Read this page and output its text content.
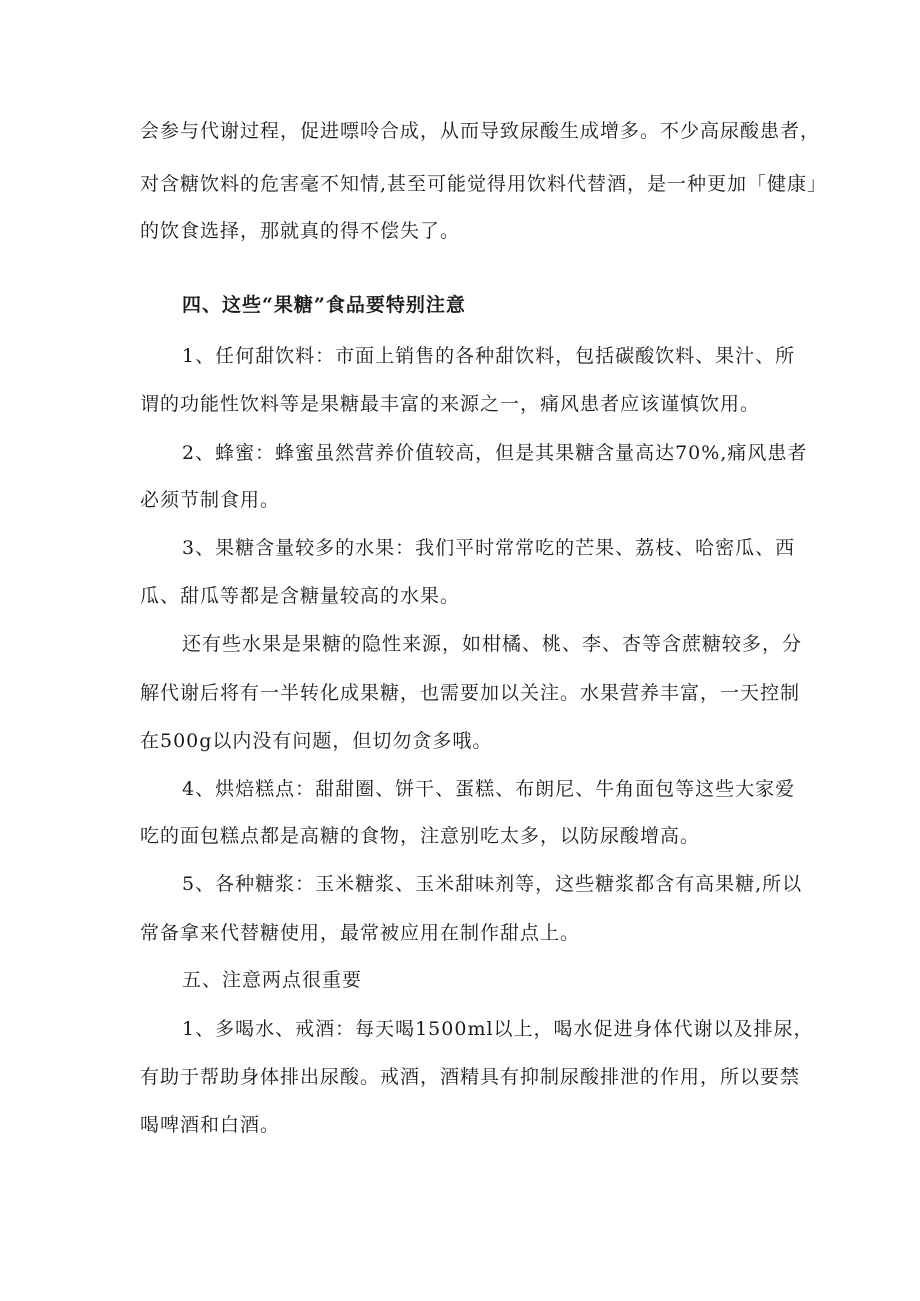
会参与代谢过程，促进嘌呤合成，从而导致尿酸生成增多。不少高尿酸患者，
对含糖饮料的危害毫不知情,甚至可能觉得用饮料代替酒，是一种更加「健康」
的饮食选择，那就真的得不偿失了。
四、这些“果糖”食品要特别注意
1、任何甜饮料：市面上销售的各种甜饮料，包括碳酸饮料、果汁、所
谓的功能性饮料等是果糖最丰富的来源之一，痛风患者应该谨慎饮用。
2、蜂蜜：蜂蜜虽然营养价值较高，但是其果糖含量高达70%,痛风患者
必须节制食用。
3、果糖含量较多的水果：我们平时常常吃的芒果、荔枝、哈密瓜、西
瓜、甜瓜等都是含糖量较高的水果。
还有些水果是果糖的隐性来源，如柑橘、桃、李、杏等含蔗糖较多，分
解代谢后将有一半转化成果糖，也需要加以关注。水果营养丰富，一天控制
在500g以内没有问题，但切勿贪多哦。
4、烘焙糕点：甜甜圈、饼干、蛋糕、布朗尼、牛角面包等这些大家爱
吃的面包糕点都是高糖的食物，注意别吃太多，以防尿酸增高。
5、各种糖浆：玉米糖浆、玉米甜味剂等，这些糖浆都含有高果糖,所以
常备拿来代替糖使用，最常被应用在制作甜点上。
五、注意两点很重要
1、多喝水、戒酒：每天喝1500ml以上，喝水促进身体代谢以及排尿，
有助于帮助身体排出尿酸。戒酒，酒精具有抑制尿酸排泄的作用，所以要禁
喝啤酒和白酒。
